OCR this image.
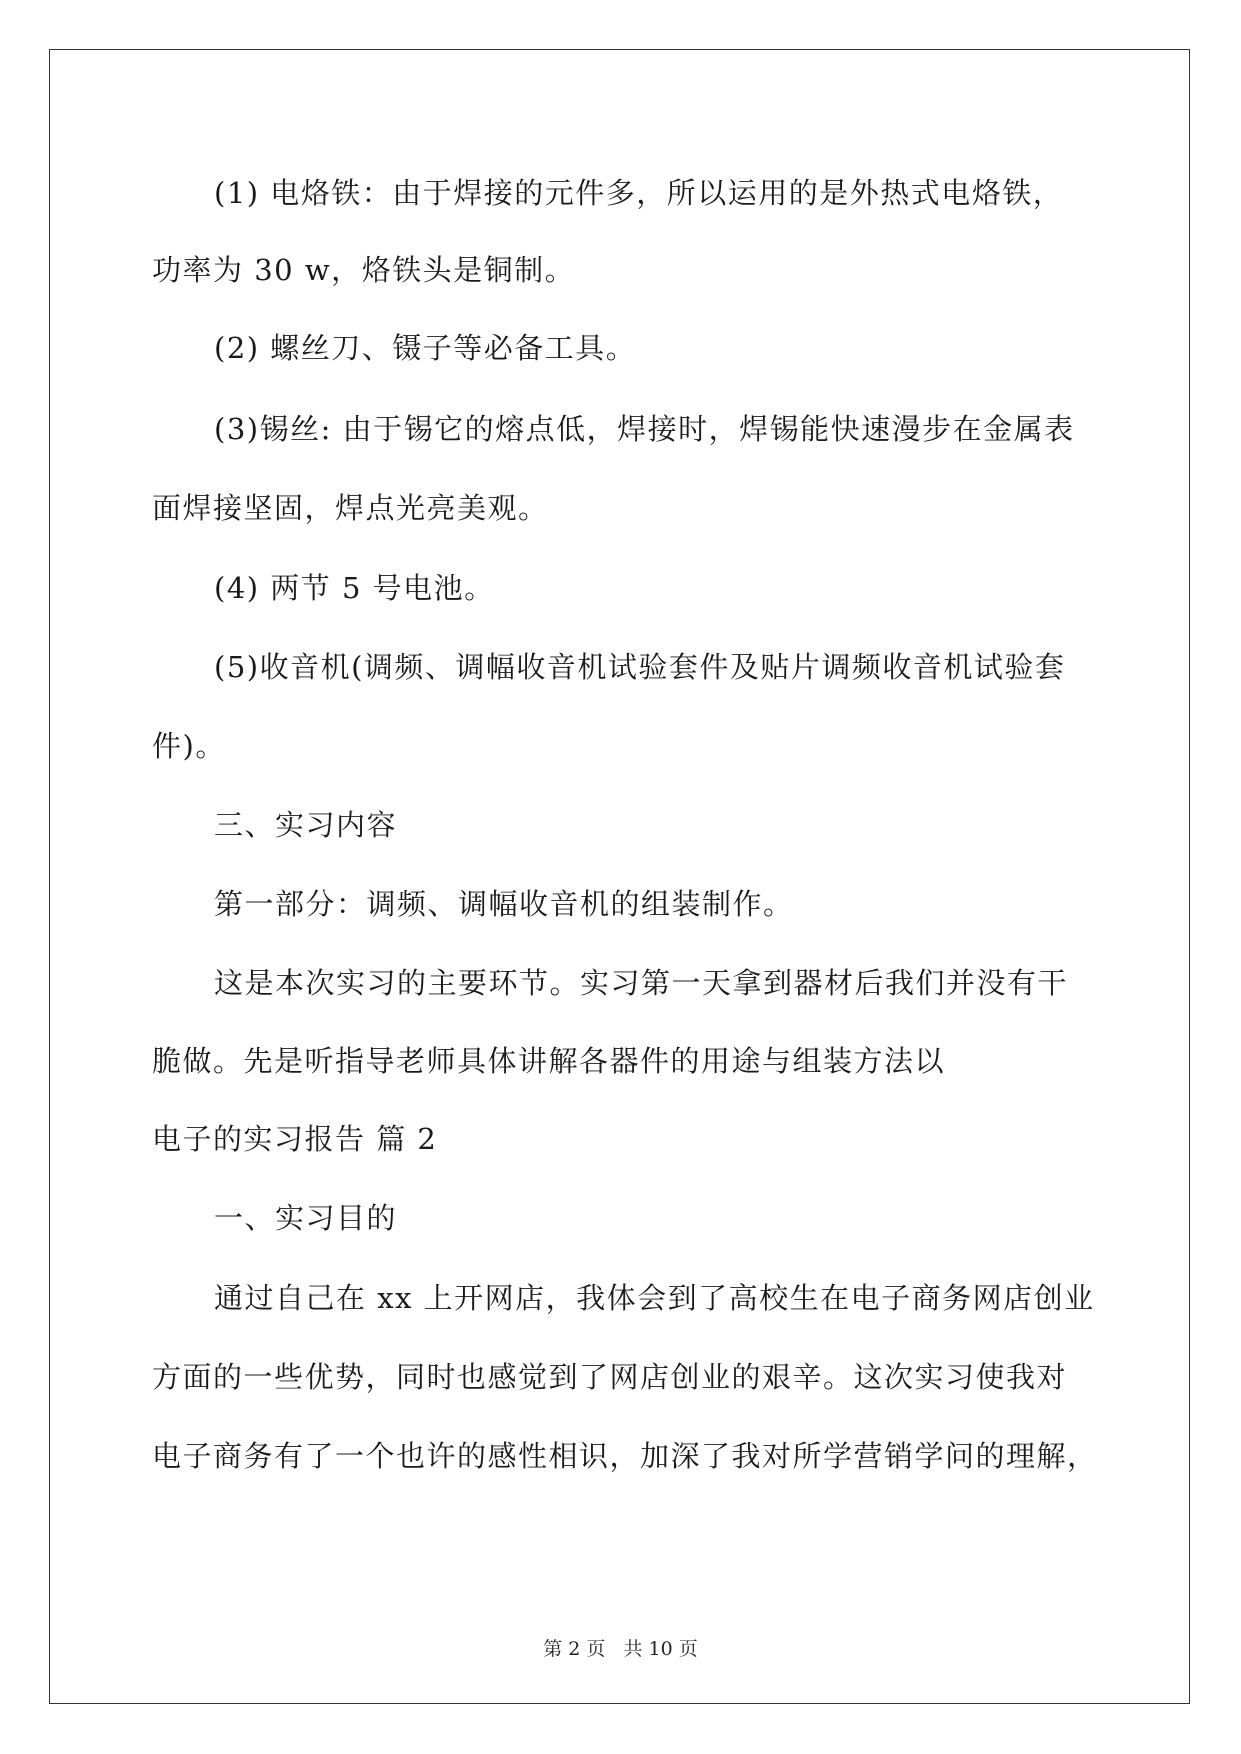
(1) 电烙铁：由于焊接的元件多，所以运用的是外热式电烙铁，
功率为 30 w，烙铁头是铜制。
(2) 螺丝刀、镊子等必备工具。
(3)锡丝: 由于锡它的熔点低，焊接时，焊锡能快速漫步在金属表
面焊接坚固，焊点光亮美观。
(4) 两节 5 号电池。
(5)收音机(调频、调幅收音机试验套件及贴片调频收音机试验套
件)。
三、实习内容
第一部分：调频、调幅收音机的组装制作。
这是本次实习的主要环节。实习第一天拿到器材后我们并没有干
脆做。先是听指导老师具体讲解各器件的用途与组装方法以
电子的实习报告 篇 2
一、实习目的
通过自己在 xx 上开网店，我体会到了高校生在电子商务网店创业
方面的一些优势，同时也感觉到了网店创业的艰辛。这次实习使我对
电子商务有了一个也许的感性相识，加深了我对所学营销学问的理解，
第 2 页 共 10 页
